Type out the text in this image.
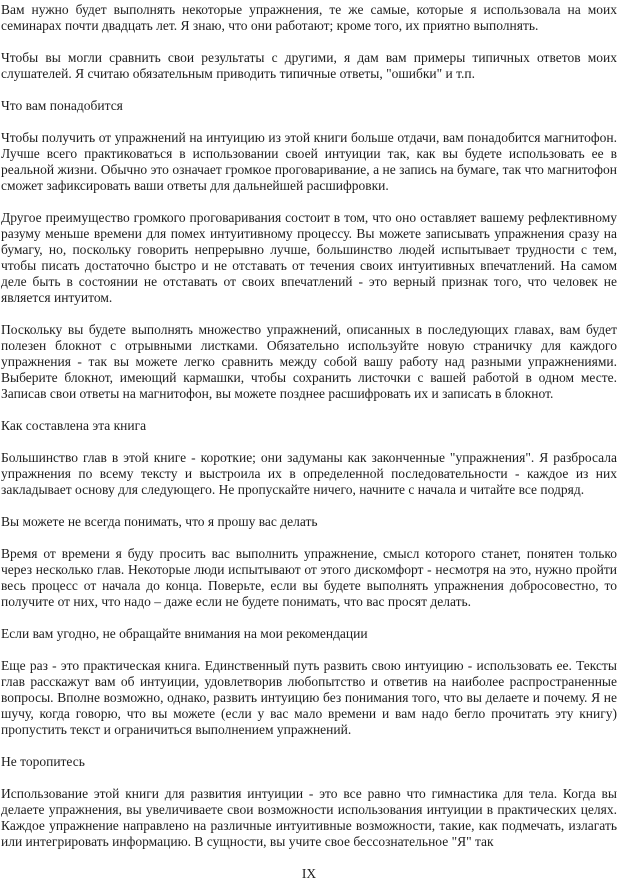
Вам нужно будет выполнять некоторые упражнения, те же самые, которые я использовала на моих семинарах почти двадцать лет. Я знаю, что они работают; кроме того, их приятно выполнять.

Чтобы вы могли сравнить свои результаты с другими, я дам вам примеры типичных ответов моих слушателей. Я считаю обязательным приводить типичные ответы, "ошибки" и т.п.

Что вам понадобится

Чтобы получить от упражнений на интуицию из этой книги больше отдачи, вам понадобится магнитофон. Лучше всего практиковаться в использовании своей интуиции так, как вы будете использовать ее в реальной жизни. Обычно это означает громкое проговаривание, а не запись на бумаге, так что магнитофон сможет зафиксировать ваши ответы для дальнейшей расшифровки.

Другое преимущество громкого проговаривания состоит в том, что оно оставляет вашему рефлективному разуму меньше времени для помех интуитивному процессу. Вы можете записывать упражнения сразу на бумагу, но, поскольку говорить непрерывно лучше, большинство людей испытывает трудности с тем, чтобы писать достаточно быстро и не отставать от течения своих интуитивных впечатлений. На самом деле быть в состоянии не отставать от своих впечатлений - это верный признак того, что человек не является интуитом.

Поскольку вы будете выполнять множество упражнений, описанных в последующих главах, вам будет полезен блокнот с отрывными листками. Обязательно используйте новую страничку для каждого упражнения - так вы можете легко сравнить между собой вашу работу над разными упражнениями. Выберите блокнот, имеющий кармашки, чтобы сохранить листочки с вашей работой в одном месте. Записав свои ответы на магнитофон, вы можете позднее расшифровать их и записать в блокнот.

Как составлена эта книга

Большинство глав в этой книге - короткие; они задуманы как законченные "упражнения". Я разбросала упражнения по всему тексту и выстроила их в определенной последовательности - каждое из них закладывает основу для следующего. Не пропускайте ничего, начните с начала и читайте все подряд.

Вы можете не всегда понимать, что я прошу вас делать

Время от времени я буду просить вас выполнить упражнение, смысл которого станет, понятен только через несколько глав. Некоторые люди испытывают от этого дискомфорт - несмотря на это, нужно пройти весь процесс от начала до конца. Поверьте, если вы будете выполнять упражнения добросовестно, то получите от них, что надо – даже если не будете понимать, что вас просят делать.

Если вам угодно, не обращайте внимания на мои рекомендации

Еще раз - это практическая книга. Единственный путь развить свою интуицию - использовать ее. Тексты глав расскажут вам об интуиции, удовлетворив любопытство и ответив на наиболее распространенные вопросы. Вполне возможно, однако, развить интуицию без понимания того, что вы делаете и почему. Я не шучу, когда говорю, что вы можете (если у вас мало времени и вам надо бегло прочитать эту книгу) пропустить текст и ограничиться выполнением упражнений.

Не торопитесь

Использование этой книги для развития интуиции - это все равно что гимнастика для тела. Когда вы делаете упражнения, вы увеличиваете свои возможности использования интуиции в практических целях. Каждое упражнение направлено на различные интуитивные возможности, такие, как подмечать, излагать или интегрировать информацию. В сущности, вы учите свое бессознательное "Я" так

IX
